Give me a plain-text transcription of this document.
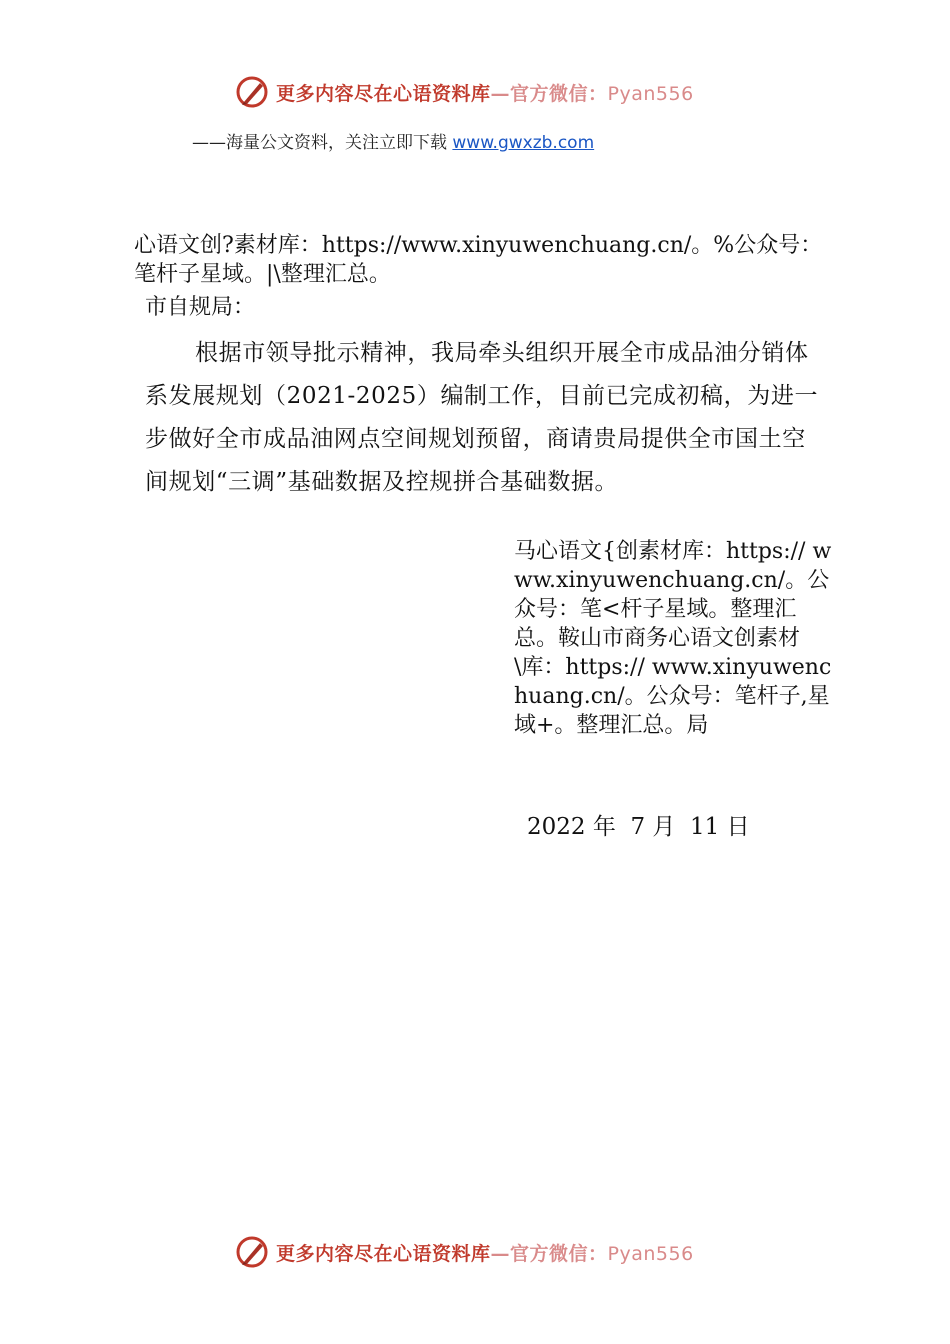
更多内容尽在心语资料库—官方微信：Pyan556
——海量公文资料，关注立即下载 www.gwxzb.com

心语文创?素材库：https://www.xinyuwenchuang.cn/。%公众号：笔杆子星域。|\整理汇总。

市自规局：

根据市领导批示精神，我局牵头组织开展全市成品油分销体系发展规划（2021-2025）编制工作，目前已完成初稿，为进一步做好全市成品油网点空间规划预留，商请贵局提供全市国土空间规划“三调”基础数据及控规拼合基础数据。

马心语文{创素材库：https:// www.xinyuwenchuang.cn/。公众号：笔<杆子星域。整理汇总。鞍山市商务心语文创素材\库：https:// www.xinyuwenchuang.cn/。公众号：笔杆子,星域+。整理汇总。局

2022 年  7 月  11 日
更多内容尽在心语资料库—官方微信：Pyan556
